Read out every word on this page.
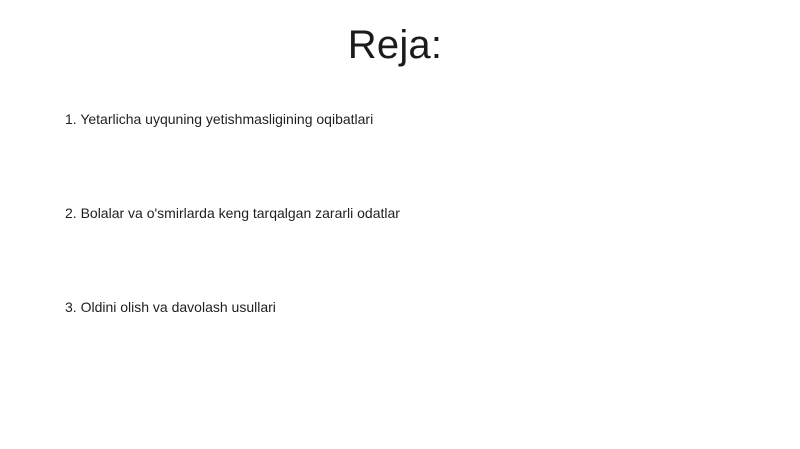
Reja:
1. Yetarlicha uyquning yetishmasligining oqibatlari
2. Bolalar va o'smirlarda keng tarqalgan zararli odatlar
3. Oldini olish va davolash usullari
